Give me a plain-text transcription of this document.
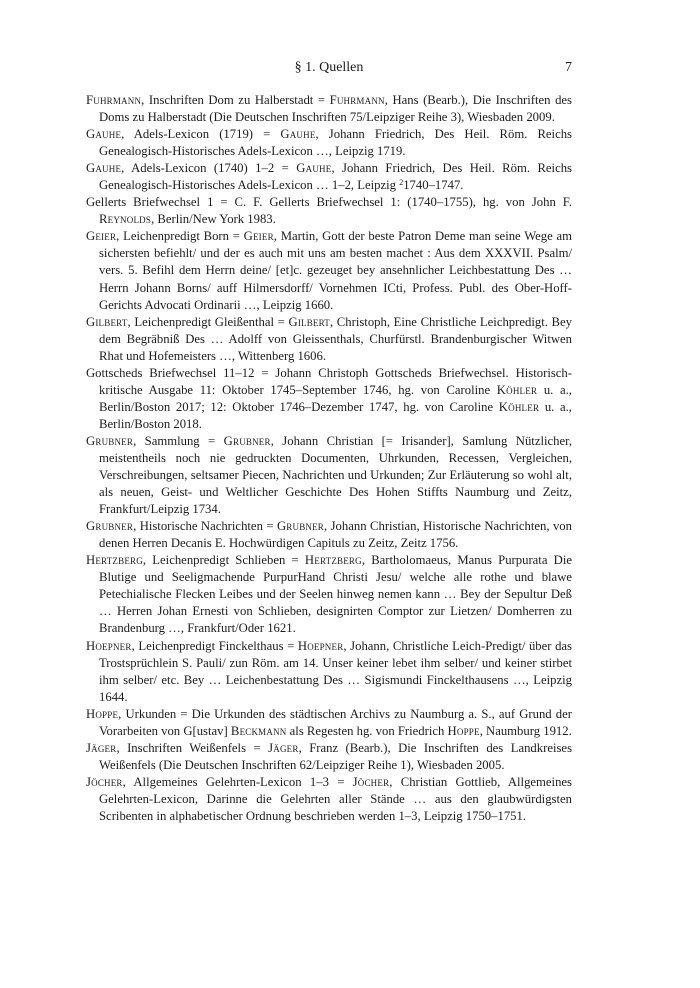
§ 1. Quellen	7

Fuhrmann, Inschriften Dom zu Halberstadt = Fuhrmann, Hans (Bearb.), Die Inschriften des Doms zu Halberstadt (Die Deutschen Inschriften 75/Leipziger Reihe 3), Wiesbaden 2009.

Gauhe, Adels-Lexicon (1719) = Gauhe, Johann Friedrich, Des Heil. Röm. Reichs Genealogisch-Historisches Adels-Lexicon …, Leipzig 1719.

Gauhe, Adels-Lexicon (1740) 1–2 = Gauhe, Johann Friedrich, Des Heil. Röm. Reichs Genealogisch-Historisches Adels-Lexicon … 1–2, Leipzig $^2$1740–1747.

Gellerts Briefwechsel 1 = C. F. Gellerts Briefwechsel 1: (1740–1755), hg. von John F. Reynolds, Berlin/New York 1983.

Geier, Leichenpredigt Born = Geier, Martin, Gott der beste Patron Deme man seine Wege am sichersten befiehlt/ und der es auch mit uns am besten machet : Aus dem XXXVII. Psalm/ vers. 5. Befihl dem Herrn deine/ [et]c. gezeuget bey ansehnlicher Leichbestattung Des … Herrn Johann Borns/ auff Hilmersdorff/ Vornehmen ICti, Profess. Publ. des Ober-Hoff-Gerichts Advocati Ordinarii …, Leipzig 1660.

Gilbert, Leichenpredigt Gleißenthal = Gilbert, Christoph, Eine Christliche Leichpredigt. Bey dem Begräbniß Des … Adolff von Gleissenthals, Churfürstl. Brandenburgischer Witwen Rhat und Hofemeisters …, Wittenberg 1606.

Gottscheds Briefwechsel 11–12 = Johann Christoph Gottscheds Briefwechsel. Historisch-kritische Ausgabe 11: Oktober 1745–September 1746, hg. von Caroline Köhler u. a., Berlin/Boston 2017; 12: Oktober 1746–Dezember 1747, hg. von Caroline Köhler u. a., Berlin/Boston 2018.

Grubner, Sammlung = Grubner, Johann Christian [= Irisander], Samlung Nützlicher, meistentheils noch nie gedruckten Documenten, Uhrkunden, Recessen, Vergleichen, Verschreibungen, seltsamer Piecen, Nachrichten und Urkunden; Zur Erläuterung so wohl alt, als neuen, Geist- und Weltlicher Geschichte Des Hohen Stiffts Naumburg und Zeitz, Frankfurt/Leipzig 1734.

Grubner, Historische Nachrichten = Grubner, Johann Christian, Historische Nachrichten, von denen Herren Decanis E. Hochwürdigen Capituls zu Zeitz, Zeitz 1756.

Hertzberg, Leichenpredigt Schlieben = Hertzberg, Bartholomaeus, Manus Purpurata Die Blutige und Seeligmachende PurpurHand Christi Jesu/ welche alle rothe und blawe Petechialische Flecken Leibes und der Seelen hinweg nemen kann … Bey der Sepultur Deß … Herren Johan Ernesti von Schlieben, designirten Comptor zur Lietzen/ Domherren zu Brandenburg …, Frankfurt/Oder 1621.

Hoepner, Leichenpredigt Finckelthaus = Hoepner, Johann, Christliche Leich-Predigt/ über das Trostsprüchlein S. Pauli/ zun Röm. am 14. Unser keiner lebet ihm selber/ und keiner stirbet ihm selber/ etc. Bey … Leichenbestattung Des … Sigismundi Finckelthausens …, Leipzig 1644.

Hoppe, Urkunden = Die Urkunden des städtischen Archivs zu Naumburg a. S., auf Grund der Vorarbeiten von G[ustav] Beckmann als Regesten hg. von Friedrich Hoppe, Naumburg 1912.

Jäger, Inschriften Weißenfels = Jäger, Franz (Bearb.), Die Inschriften des Landkreises Weißenfels (Die Deutschen Inschriften 62/Leipziger Reihe 1), Wiesbaden 2005.

Jöcher, Allgemeines Gelehrten-Lexicon 1–3 = Jöcher, Christian Gottlieb, Allgemeines Gelehrten-Lexicon, Darinne die Gelehrten aller Stände … aus den glaubwürdigsten Scribenten in alphabetischer Ordnung beschrieben werden 1–3, Leipzig 1750–1751.
